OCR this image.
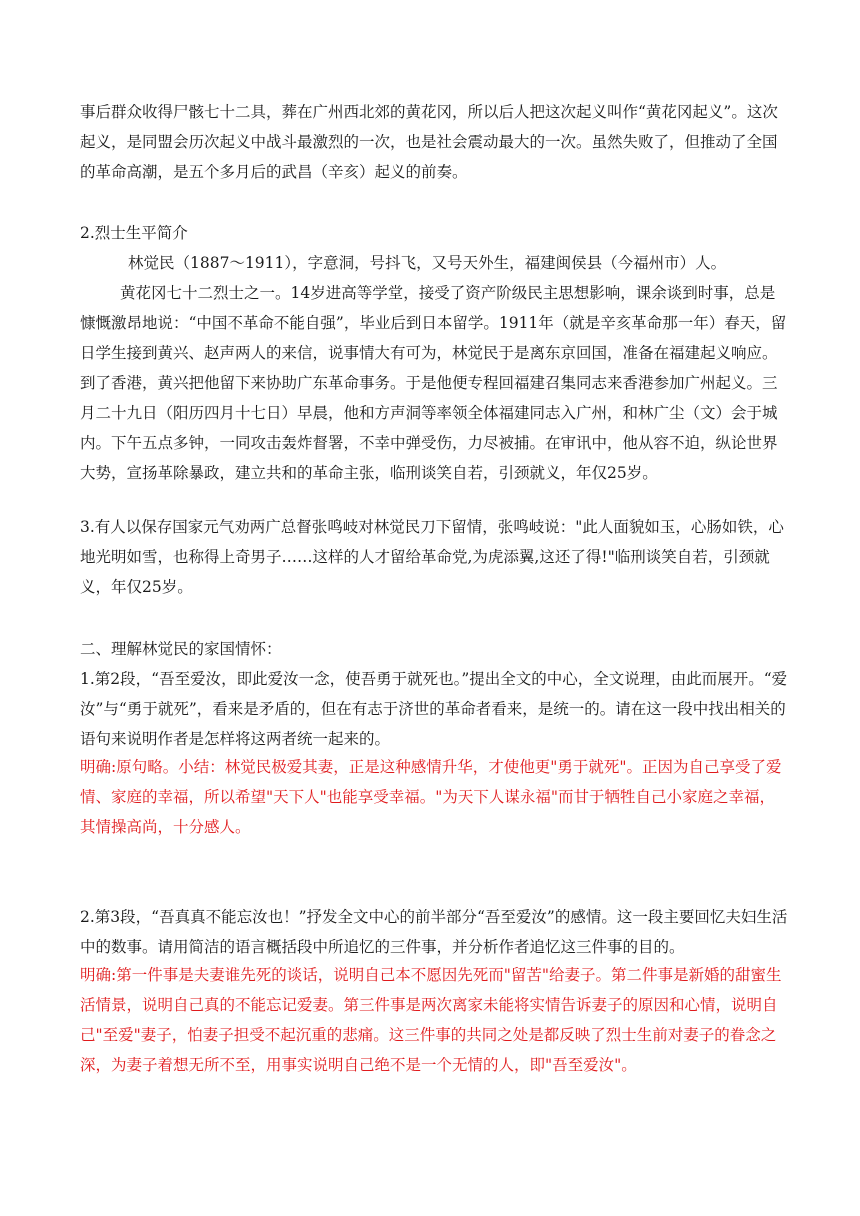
事后群众收得尸骸七十二具，葬在广州西北郊的黄花冈，所以后人把这次起义叫作“黄花冈起义”。这次起义，是同盟会历次起义中战斗最激烈的一次，也是社会震动最大的一次。虽然失败了，但推动了全国的革命高潮，是五个多月后的武昌（辛亥）起义的前奏。

2.烈士生平简介

林觉民（1887～1911），字意洞，号抖飞，又号天外生，福建闽侯县（今福州市）人。

黄花冈七十二烈士之一。14岁进高等学堂，接受了资产阶级民主思想影响，课余谈到时事，总是慷慨激昂地说：“中国不革命不能自强”，毕业后到日本留学。1911年（就是辛亥革命那一年）春天，留日学生接到黄兴、赵声两人的来信，说事情大有可为，林觉民于是离东京回国，准备在福建起义响应。到了香港，黄兴把他留下来协助广东革命事务。于是他便专程回福建召集同志来香港参加广州起义。三月二十九日（阳历四月十七日）早晨，他和方声洞等率领全体福建同志入广州，和林广尘（文）会于城内。下午五点多钟，一同攻击轰炸督署，不幸中弹受伤，力尽被捕。在审讯中，他从容不迫，纵论世界大势，宣扬革除暴政，建立共和的革命主张，临刑谈笑自若，引颈就义，年仅25岁。

3.有人以保存国家元气劝两广总督张鸣岐对林觉民刀下留情，张鸣岐说："此人面貌如玉，心肠如铁，心地光明如雪，也称得上奇男子……这样的人才留给革命党,为虎添翼,这还了得!"临刑谈笑自若，引颈就义，年仅25岁。

二、理解林觉民的家国情怀：

1.第2段，“吾至爱汝，即此爱汝一念，使吾勇于就死也。”提出全文的中心，全文说理，由此而展开。“爱汝”与“勇于就死”，看来是矛盾的，但在有志于济世的革命者看来，是统一的。请在这一段中找出相关的语句来说明作者是怎样将这两者统一起来的。

明确:原句略。小结：林觉民极爱其妻，正是这种感情升华，才使他更"勇于就死"。正因为自己享受了爱情、家庭的幸福，所以希望"天下人"也能享受幸福。"为天下人谋永福"而甘于牺牲自己小家庭之幸福，其情操高尚，十分感人。

2.第3段，“吾真真不能忘汝也！”抒发全文中心的前半部分“吾至爱汝”的感情。这一段主要回忆夫妇生活中的数事。请用简洁的语言概括段中所追忆的三件事，并分析作者追忆这三件事的目的。

明确:第一件事是夫妻谁先死的谈话，说明自己本不愿因先死而"留苦"给妻子。第二件事是新婚的甜蜜生活情景，说明自己真的不能忘记爱妻。第三件事是两次离家未能将实情告诉妻子的原因和心情，说明自己"至爱"妻子，怕妻子担受不起沉重的悲痛。这三件事的共同之处是都反映了烈士生前对妻子的眷念之深，为妻子着想无所不至，用事实说明自己绝不是一个无情的人，即"吾至爱汝"。
